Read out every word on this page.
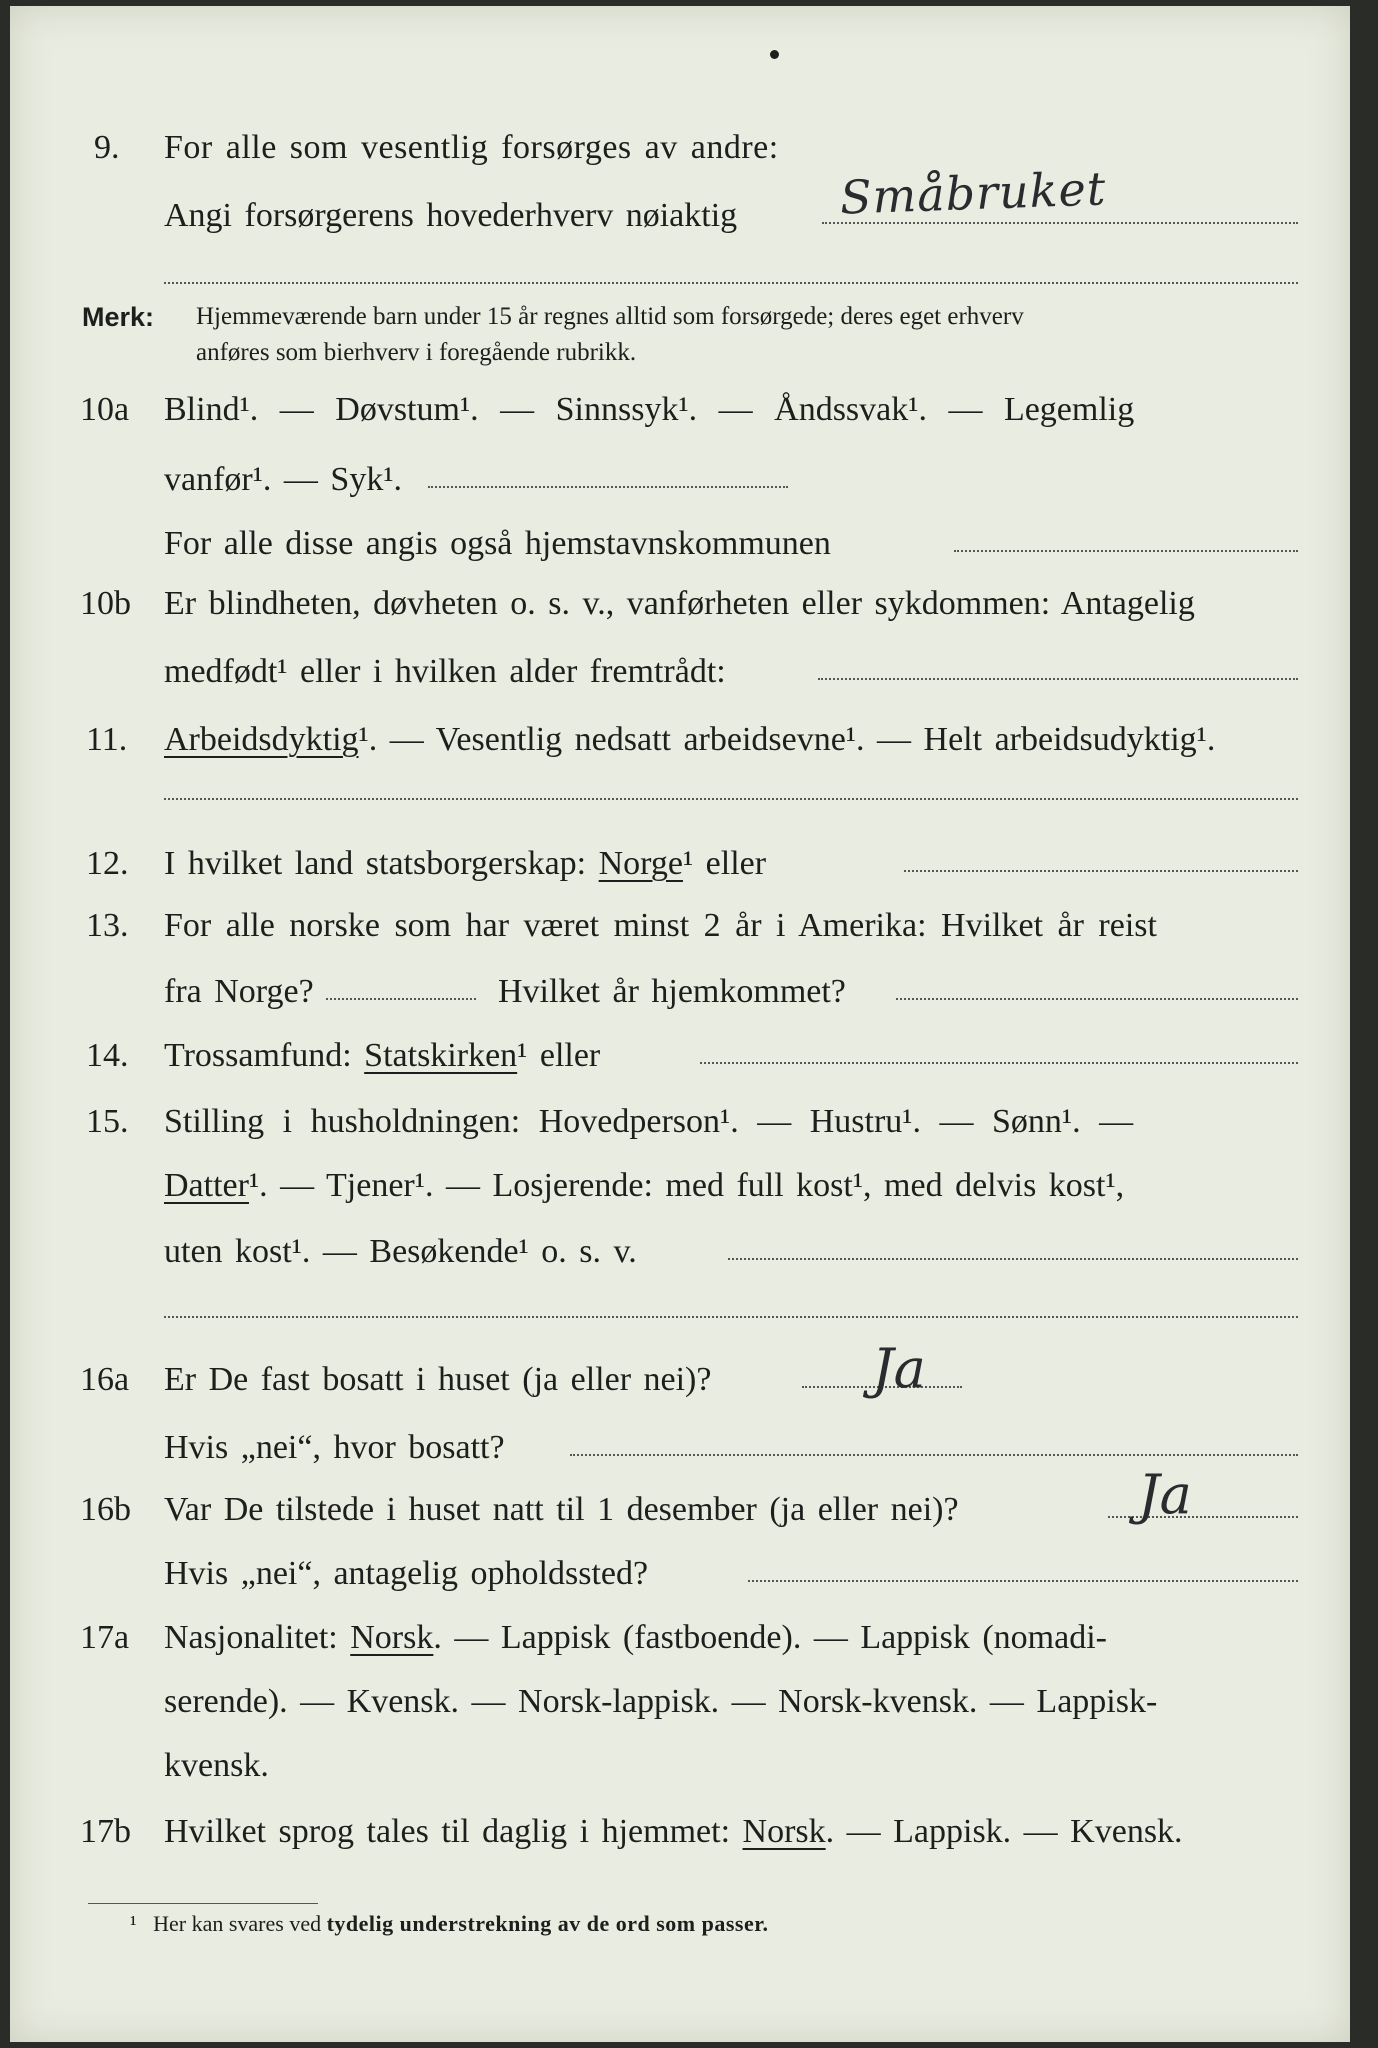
9. For alle som vesentlig forsørges av andre:
Angi forsørgerens hovederhverv nøiaktig Småbruket
Merk: Hjemmeværende barn under 15 år regnes alltid som forsørgede; deres eget erhverv
anføres som bierhverv i foregående rubrikk.
10a Blind¹. — Døvstum¹. — Sinnssyk¹. — Åndssvak¹. — Legemlig
vanfør¹. — Syk¹.
For alle disse angis også hjemstavnskommunen
10b Er blindheten, døvheten o. s. v., vanførheten eller sykdommen: Antagelig
medfødt¹ eller i hvilken alder fremtrådt:
11. Arbeidsdyktig¹. — Vesentlig nedsatt arbeidsevne¹. — Helt arbeidsudyktig¹.
12. I hvilket land statsborgerskap: Norge¹ eller
13. For alle norske som har været minst 2 år i Amerika: Hvilket år reist
fra Norge?	Hvilket år hjemkommet?
14. Trossamfund: Statskirken¹ eller
15. Stilling i husholdningen: Hovedperson¹. — Hustru¹. — Sønn¹. —
Datter¹. — Tjener¹. — Losjerende: med full kost¹, med delvis kost¹,
uten kost¹. — Besøkende¹ o. s. v.
16a Er De fast bosatt i huset (ja eller nei)?	Ja
Hvis „nei“, hvor bosatt?
16b Var De tilstede i huset natt til 1 desember (ja eller nei)?	Ja
Hvis „nei“, antagelig opholdssted?
17a Nasjonalitet: Norsk. — Lappisk (fastboende). — Lappisk (nomadi-
serende). — Kvensk. — Norsk-lappisk. — Norsk-kvensk. — Lappisk-
kvensk.
17b Hvilket sprog tales til daglig i hjemmet: Norsk. — Lappisk. — Kvensk.
¹ Her kan svares ved tydelig understrekning av de ord som passer.
